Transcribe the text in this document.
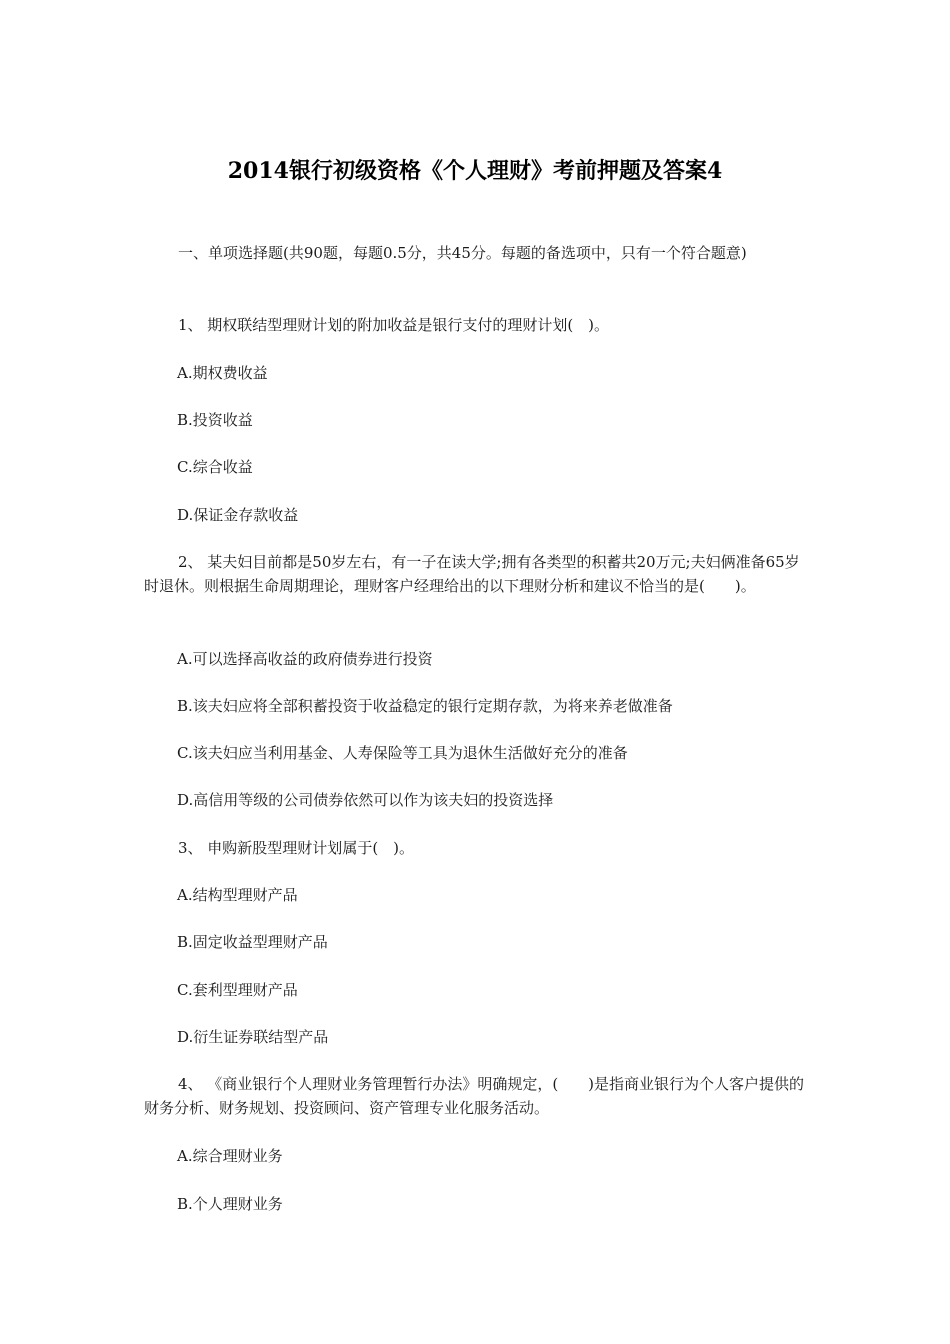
2014银行初级资格《个人理财》考前押题及答案4
一、单项选择题(共90题，每题0.5分，共45分。每题的备选项中，只有一个符合题意)
1、 期权联结型理财计划的附加收益是银行支付的理财计划(　)。
A.期权费收益
B.投资收益
C.综合收益
D.保证金存款收益
2、 某夫妇目前都是50岁左右，有一子在读大学;拥有各类型的积蓄共20万元;夫妇俩准备65岁时退休。则根据生命周期理论，理财客户经理给出的以下理财分析和建议不恰当的是(　　)。
A.可以选择高收益的政府债券进行投资
B.该夫妇应将全部积蓄投资于收益稳定的银行定期存款，为将来养老做准备
C.该夫妇应当利用基金、人寿保险等工具为退休生活做好充分的准备
D.高信用等级的公司债券依然可以作为该夫妇的投资选择
3、 申购新股型理财计划属于(　)。
A.结构型理财产品
B.固定收益型理财产品
C.套利型理财产品
D.衍生证券联结型产品
4、 《商业银行个人理财业务管理暂行办法》明确规定，(　　)是指商业银行为个人客户提供的财务分析、财务规划、投资顾问、资产管理专业化服务活动。
A.综合理财业务
B.个人理财业务
